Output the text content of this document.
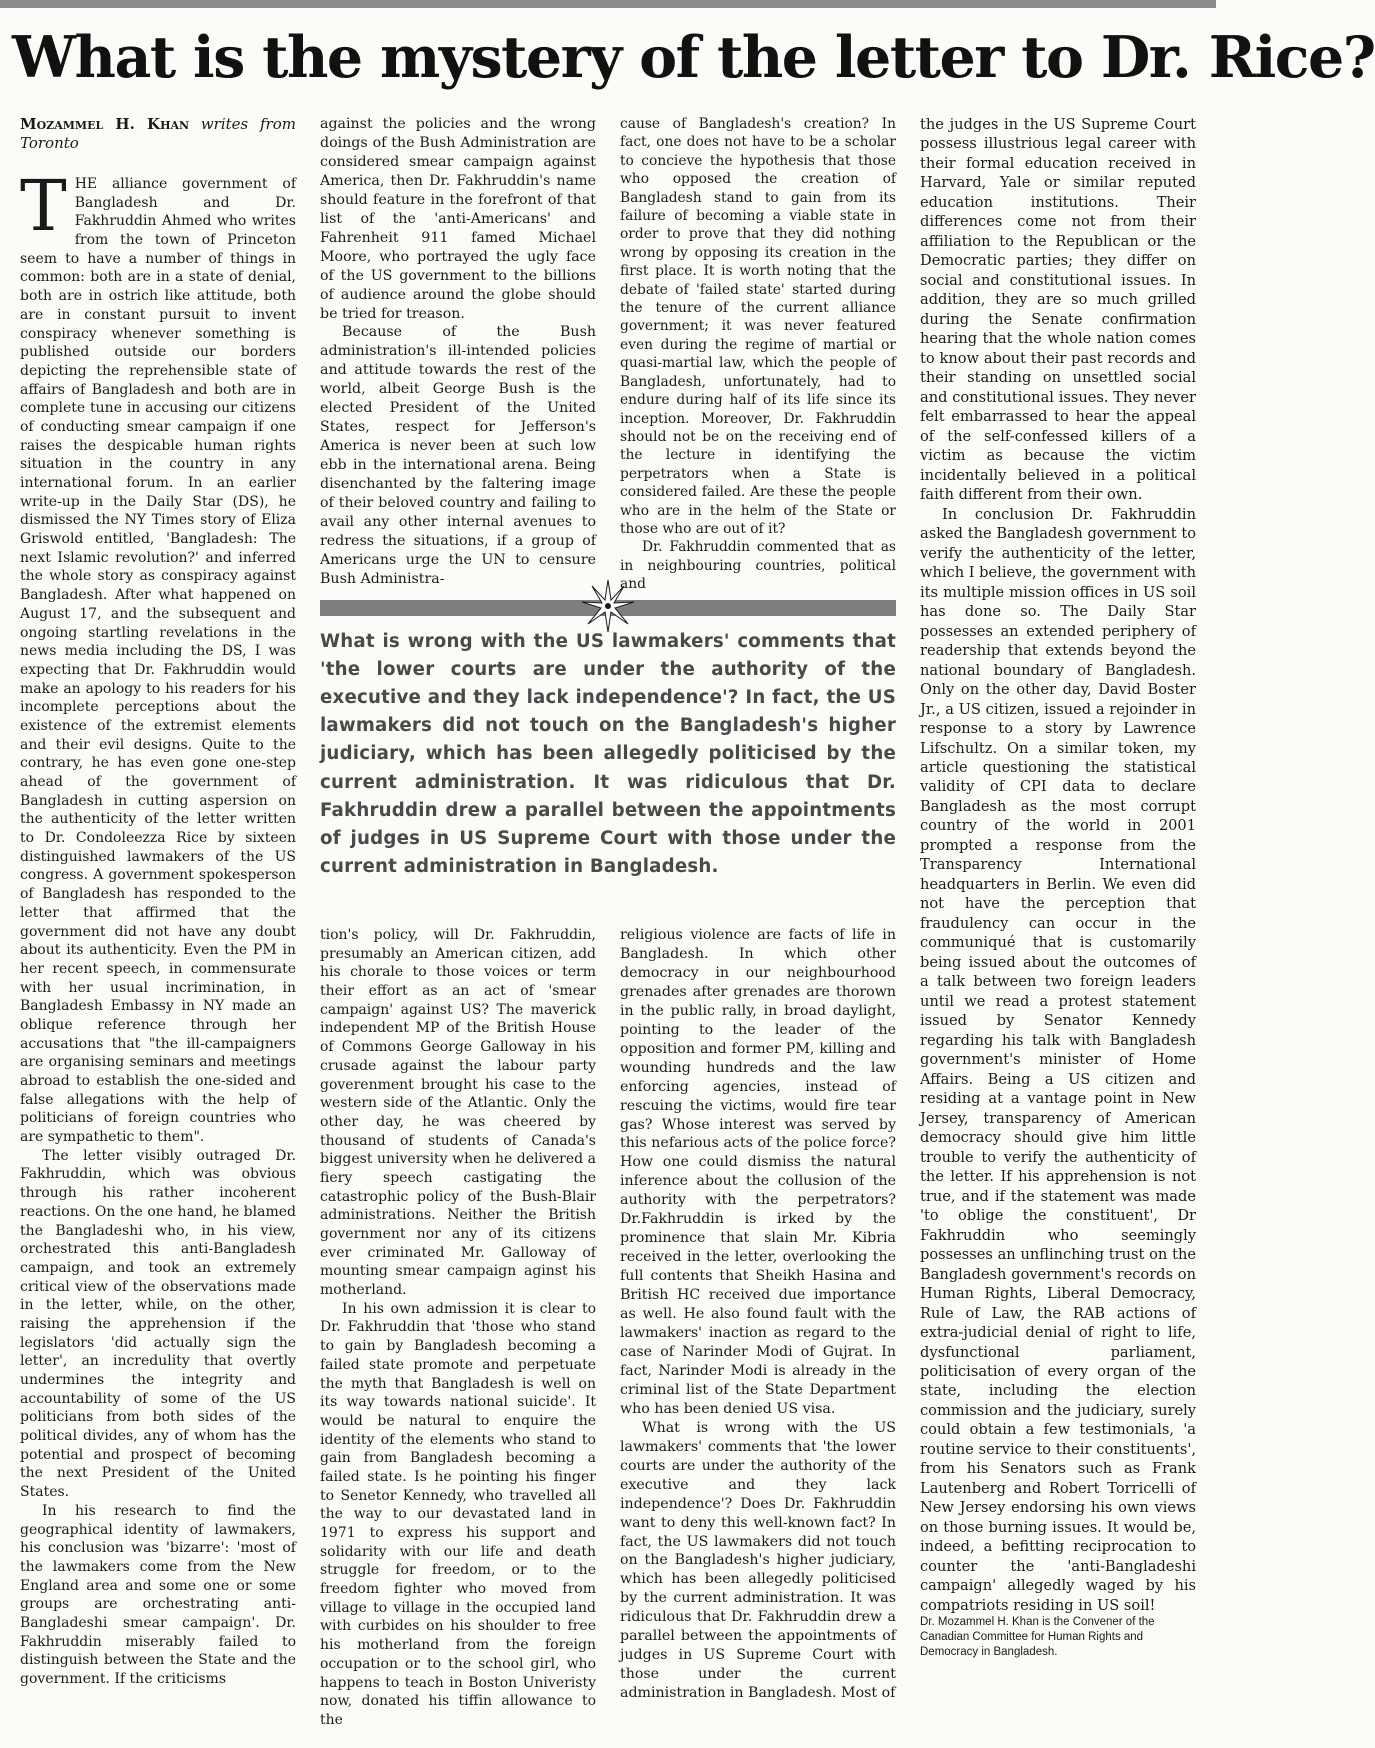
What is the mystery of the letter to Dr. Rice?
Mozammel H. Khan writes from Toronto

THE alliance government of Bangladesh and Dr. Fakhruddin Ahmed who writes from the town of Princeton seem to have a number of things in common: both are in a state of denial, both are in ostrich like attitude, both are in constant pursuit to invent conspiracy whenever something is published outside our borders depicting the reprehensible state of affairs of Bangladesh and both are in complete tune in accusing our citizens of conducting smear campaign if one raises the despicable human rights situation in the country in any international forum. In an earlier write-up in the Daily Star (DS), he dismissed the NY Times story of Eliza Griswold entitled, 'Bangladesh: The next Islamic revolution?' and inferred the whole story as conspiracy against Bangladesh. After what happened on August 17, and the subsequent and ongoing startling revelations in the news media including the DS, I was expecting that Dr. Fakhruddin would make an apology to his readers for his incomplete perceptions about the existence of the extremist elements and their evil designs. Quite to the contrary, he has even gone one-step ahead of the government of Bangladesh in cutting aspersion on the authenticity of the letter written to Dr. Condoleezza Rice by sixteen distinguished lawmakers of the US congress. A government spokesperson of Bangladesh has responded to the letter that affirmed that the government did not have any doubt about its authenticity. Even the PM in her recent speech, in commensurate with her usual incrimination, in Bangladesh Embassy in NY made an oblique reference through her accusations that "the ill-campaigners are organising seminars and meetings abroad to establish the one-sided and false allegations with the help of politicians of foreign countries who are sympathetic to them".

The letter visibly outraged Dr. Fakhruddin, which was obvious through his rather incoherent reactions. On the one hand, he blamed the Bangladeshi who, in his view, orchestrated this anti-Bangladesh campaign, and took an extremely critical view of the observations made in the letter, while, on the other, raising the apprehension if the legislators 'did actually sign the letter', an incredulity that overtly undermines the integrity and accountability of some of the US politicians from both sides of the political divides, any of whom has the potential and prospect of becoming the next President of the United States.

In his research to find the geographical identity of lawmakers, his conclusion was 'bizarre': 'most of the lawmakers come from the New England area and some one or some groups are orchestrating anti-Bangladeshi smear campaign'. Dr. Fakhruddin miserably failed to distinguish between the State and the government. If the criticisms

against the policies and the wrong doings of the Bush Administration are considered smear campaign against America, then Dr. Fakhruddin's name should feature in the forefront of that list of the 'anti-Americans' and Fahrenheit 911 famed Michael Moore, who portrayed the ugly face of the US government to the billions of audience around the globe should be tried for treason.

Because of the Bush administration's ill-intended policies and attitude towards the rest of the world, albeit George Bush is the elected President of the United States, respect for Jefferson's America is never been at such low ebb in the international arena. Being disenchanted by the faltering image of their beloved country and failing to avail any other internal avenues to redress the situations, if a group of Americans urge the UN to censure Bush Administra-

cause of Bangladesh's creation? In fact, one does not have to be a scholar to concieve the hypothesis that those who opposed the creation of Bangladesh stand to gain from its failure of becoming a viable state in order to prove that they did nothing wrong by opposing its creation in the first place. It is worth noting that the debate of 'failed state' started during the tenure of the current alliance government; it was never featured even during the regime of martial or quasi-martial law, which the people of Bangladesh, unfortunately, had to endure during half of its life since its inception. Moreover, Dr. Fakhruddin should not be on the receiving end of the lecture in identifying the perpetrators when a State is considered failed. Are these the people who are in the helm of the State or those who are out of it?

Dr. Fakhruddin commented that as in neighbouring countries, political and

What is wrong with the US lawmakers' comments that 'the lower courts are under the authority of the executive and they lack independence'? In fact, the US lawmakers did not touch on the Bangladesh's higher judiciary, which has been allegedly politicised by the current administration. It was ridiculous that Dr. Fakhruddin drew a parallel between the appointments of judges in US Supreme Court with those under the current administration in Bangladesh.

tion's policy, will Dr. Fakhruddin, presumably an American citizen, add his chorale to those voices or term their effort as an act of 'smear campaign' against US? The maverick independent MP of the British House of Commons George Galloway in his crusade against the labour party goverenment brought his case to the western side of the Atlantic. Only the other day, he was cheered by thousand of students of Canada's biggest university when he delivered a fiery speech castigating the catastrophic policy of the Bush-Blair administrations. Neither the British government nor any of its citizens ever criminated Mr. Galloway of mounting smear campaign aginst his motherland.

In his own admission it is clear to Dr. Fakhruddin that 'those who stand to gain by Bangladesh becoming a failed state promote and perpetuate the myth that Bangladesh is well on its way towards national suicide'. It would be natural to enquire the identity of the elements who stand to gain from Bangladesh becoming a failed state. Is he pointing his finger to Senetor Kennedy, who travelled all the way to our devastated land in 1971 to express his support and solidarity with our life and death struggle for freedom, or to the freedom fighter who moved from village to village in the occupied land with curbides on his shoulder to free his motherland from the foreign occupation or to the school girl, who happens to teach in Boston Univeristy now, donated his tiffin allowance to the

religious violence are facts of life in Bangladesh. In which other democracy in our neighbourhood grenades after grenades are thorown in the public rally, in broad daylight, pointing to the leader of the opposition and former PM, killing and wounding hundreds and the law enforcing agencies, instead of rescuing the victims, would fire tear gas? Whose interest was served by this nefarious acts of the police force? How one could dismiss the natural inference about the collusion of the authority with the perpetrators? Dr.Fakhruddin is irked by the prominence that slain Mr. Kibria received in the letter, overlooking the full contents that Sheikh Hasina and British HC received due importance as well. He also found fault with the lawmakers' inaction as regard to the case of Narinder Modi of Gujrat. In fact, Narinder Modi is already in the criminal list of the State Department who has been denied US visa.

What is wrong with the US lawmakers' comments that 'the lower courts are under the authority of the executive and they lack independence'? Does Dr. Fakhruddin want to deny this well-known fact? In fact, the US lawmakers did not touch on the Bangladesh's higher judiciary, which has been allegedly politicised by the current administration. It was ridiculous that Dr. Fakhruddin drew a parallel between the appointments of judges in US Supreme Court with those under the current administration in Bangladesh. Most of

the judges in the US Supreme Court possess illustrious legal career with their formal education received in Harvard, Yale or similar reputed education institutions. Their differences come not from their affiliation to the Republican or the Democratic parties; they differ on social and constitutional issues. In addition, they are so much grilled during the Senate confirmation hearing that the whole nation comes to know about their past records and their standing on unsettled social and constitutional issues. They never felt embarrassed to hear the appeal of the self-confessed killers of a victim as because the victim incidentally believed in a political faith different from their own.

In conclusion Dr. Fakhruddin asked the Bangladesh government to verify the authenticity of the letter, which I believe, the government with its multiple mission offices in US soil has done so. The Daily Star possesses an extended periphery of readership that extends beyond the national boundary of Bangladesh. Only on the other day, David Boster Jr., a US citizen, issued a rejoinder in response to a story by Lawrence Lifschultz. On a similar token, my article questioning the statistical validity of CPI data to declare Bangladesh as the most corrupt country of the world in 2001 prompted a response from the Transparency International headquarters in Berlin. We even did not have the perception that fraudulency can occur in the communiqué that is customarily being issued about the outcomes of a talk between two foreign leaders until we read a protest statement issued by Senator Kennedy regarding his talk with Bangladesh government's minister of Home Affairs. Being a US citizen and residing at a vantage point in New Jersey, transparency of American democracy should give him little trouble to verify the authenticity of the letter. If his apprehension is not true, and if the statement was made 'to oblige the constituent', Dr Fakhruddin who seemingly possesses an unflinching trust on the Bangladesh government's records on Human Rights, Liberal Democracy, Rule of Law, the RAB actions of extra-judicial denial of right to life, dysfunctional parliament, politicisation of every organ of the state, including the election commission and the judiciary, surely could obtain a few testimonials, 'a routine service to their constituents', from his Senators such as Frank Lautenberg and Robert Torricelli of New Jersey endorsing his own views on those burning issues. It would be, indeed, a befitting reciprocation to counter the 'anti-Bangladeshi campaign' allegedly waged by his compatriots residing in US soil!

Dr. Mozammel H. Khan is the Convener of the Canadian Committee for Human Rights and Democracy in Bangladesh.
